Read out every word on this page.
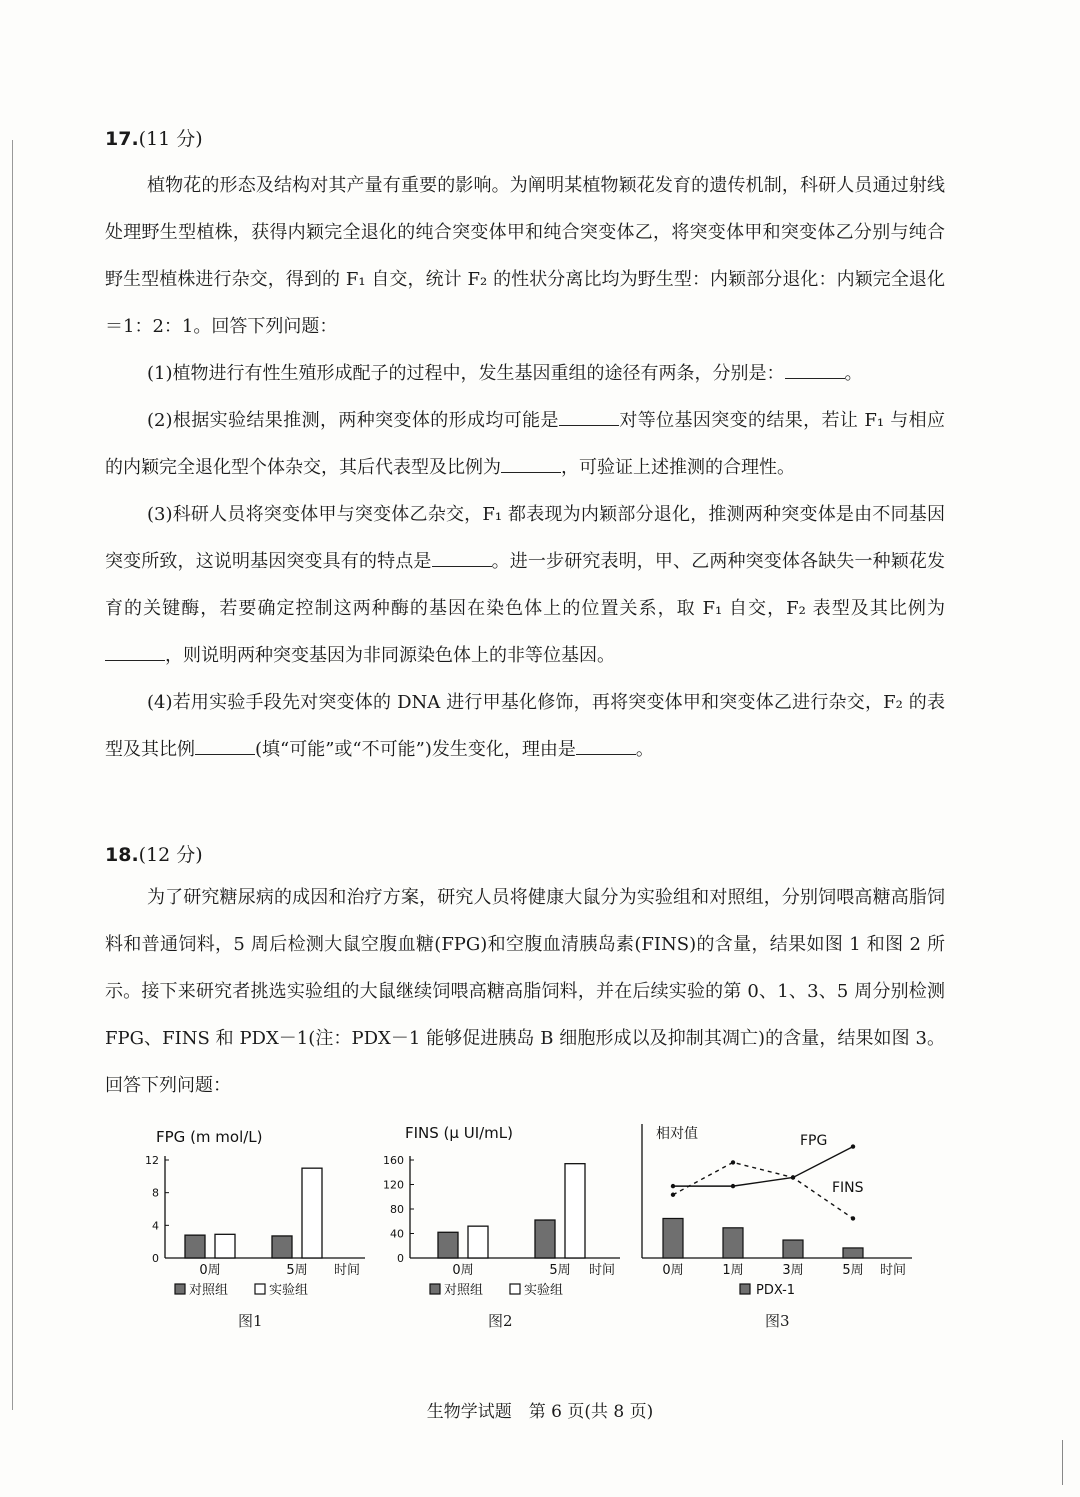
17.(11 分)

植物花的形态及结构对其产量有重要的影响。为阐明某植物颖花发育的遗传机制，科研人员通过射线处理野生型植株，获得内颖完全退化的纯合突变体甲和纯合突变体乙，将突变体甲和突变体乙分别与纯合野生型植株进行杂交，得到的 F₁ 自交，统计 F₂ 的性状分离比均为野生型：内颖部分退化：内颖完全退化＝1：2：1。回答下列问题：

(1)植物进行有性生殖形成配子的过程中，发生基因重组的途径有两条，分别是：	。

(2)根据实验结果推测，两种突变体的形成均可能是	对等位基因突变的结果，若让 F₁ 与相应的内颖完全退化型个体杂交，其后代表型及比例为	，可验证上述推测的合理性。

(3)科研人员将突变体甲与突变体乙杂交，F₁ 都表现为内颖部分退化，推测两种突变体是由不同基因突变所致，这说明基因突变具有的特点是	。进一步研究表明，甲、乙两种突变体各缺失一种颖花发育的关键酶，若要确定控制这两种酶的基因在染色体上的位置关系，取 F₁ 自交，F₂ 表型及其比例为，则说明两种突变基因为非同源染色体上的非等位基因。

(4)若用实验手段先对突变体的 DNA 进行甲基化修饰，再将突变体甲和突变体乙进行杂交，F₂ 的表型及其比例	(填“可能”或“不可能”)发生变化，理由是	。

18.(12 分)

为了研究糖尿病的成因和治疗方案，研究人员将健康大鼠分为实验组和对照组，分别饲喂高糖高脂饲料和普通饲料，5 周后检测大鼠空腹血糖(FPG)和空腹血清胰岛素(FINS)的含量，结果如图 1 和图 2 所示。接下来研究者挑选实验组的大鼠继续饲喂高糖高脂饲料，并在后续实验的第 0、1、3、5 周分别检测 FPG、FINS 和 PDX－1(注：PDX－1 能够促进胰岛 B 细胞形成以及抑制其凋亡)的含量，结果如图 3。回答下列问题：

FPG (m mol/L)
0
4
8
12
0周	5周 时间
对照组	实验组
图1
FINS (μ UI/mL)
0
40
80
120
160
0周	5周 时间
对照组	实验组
图2
相对值
0周	1周	3周	5周 时间
FPG
FINS
PDX-1
图3
生物学试题　第 6 页(共 8 页)
